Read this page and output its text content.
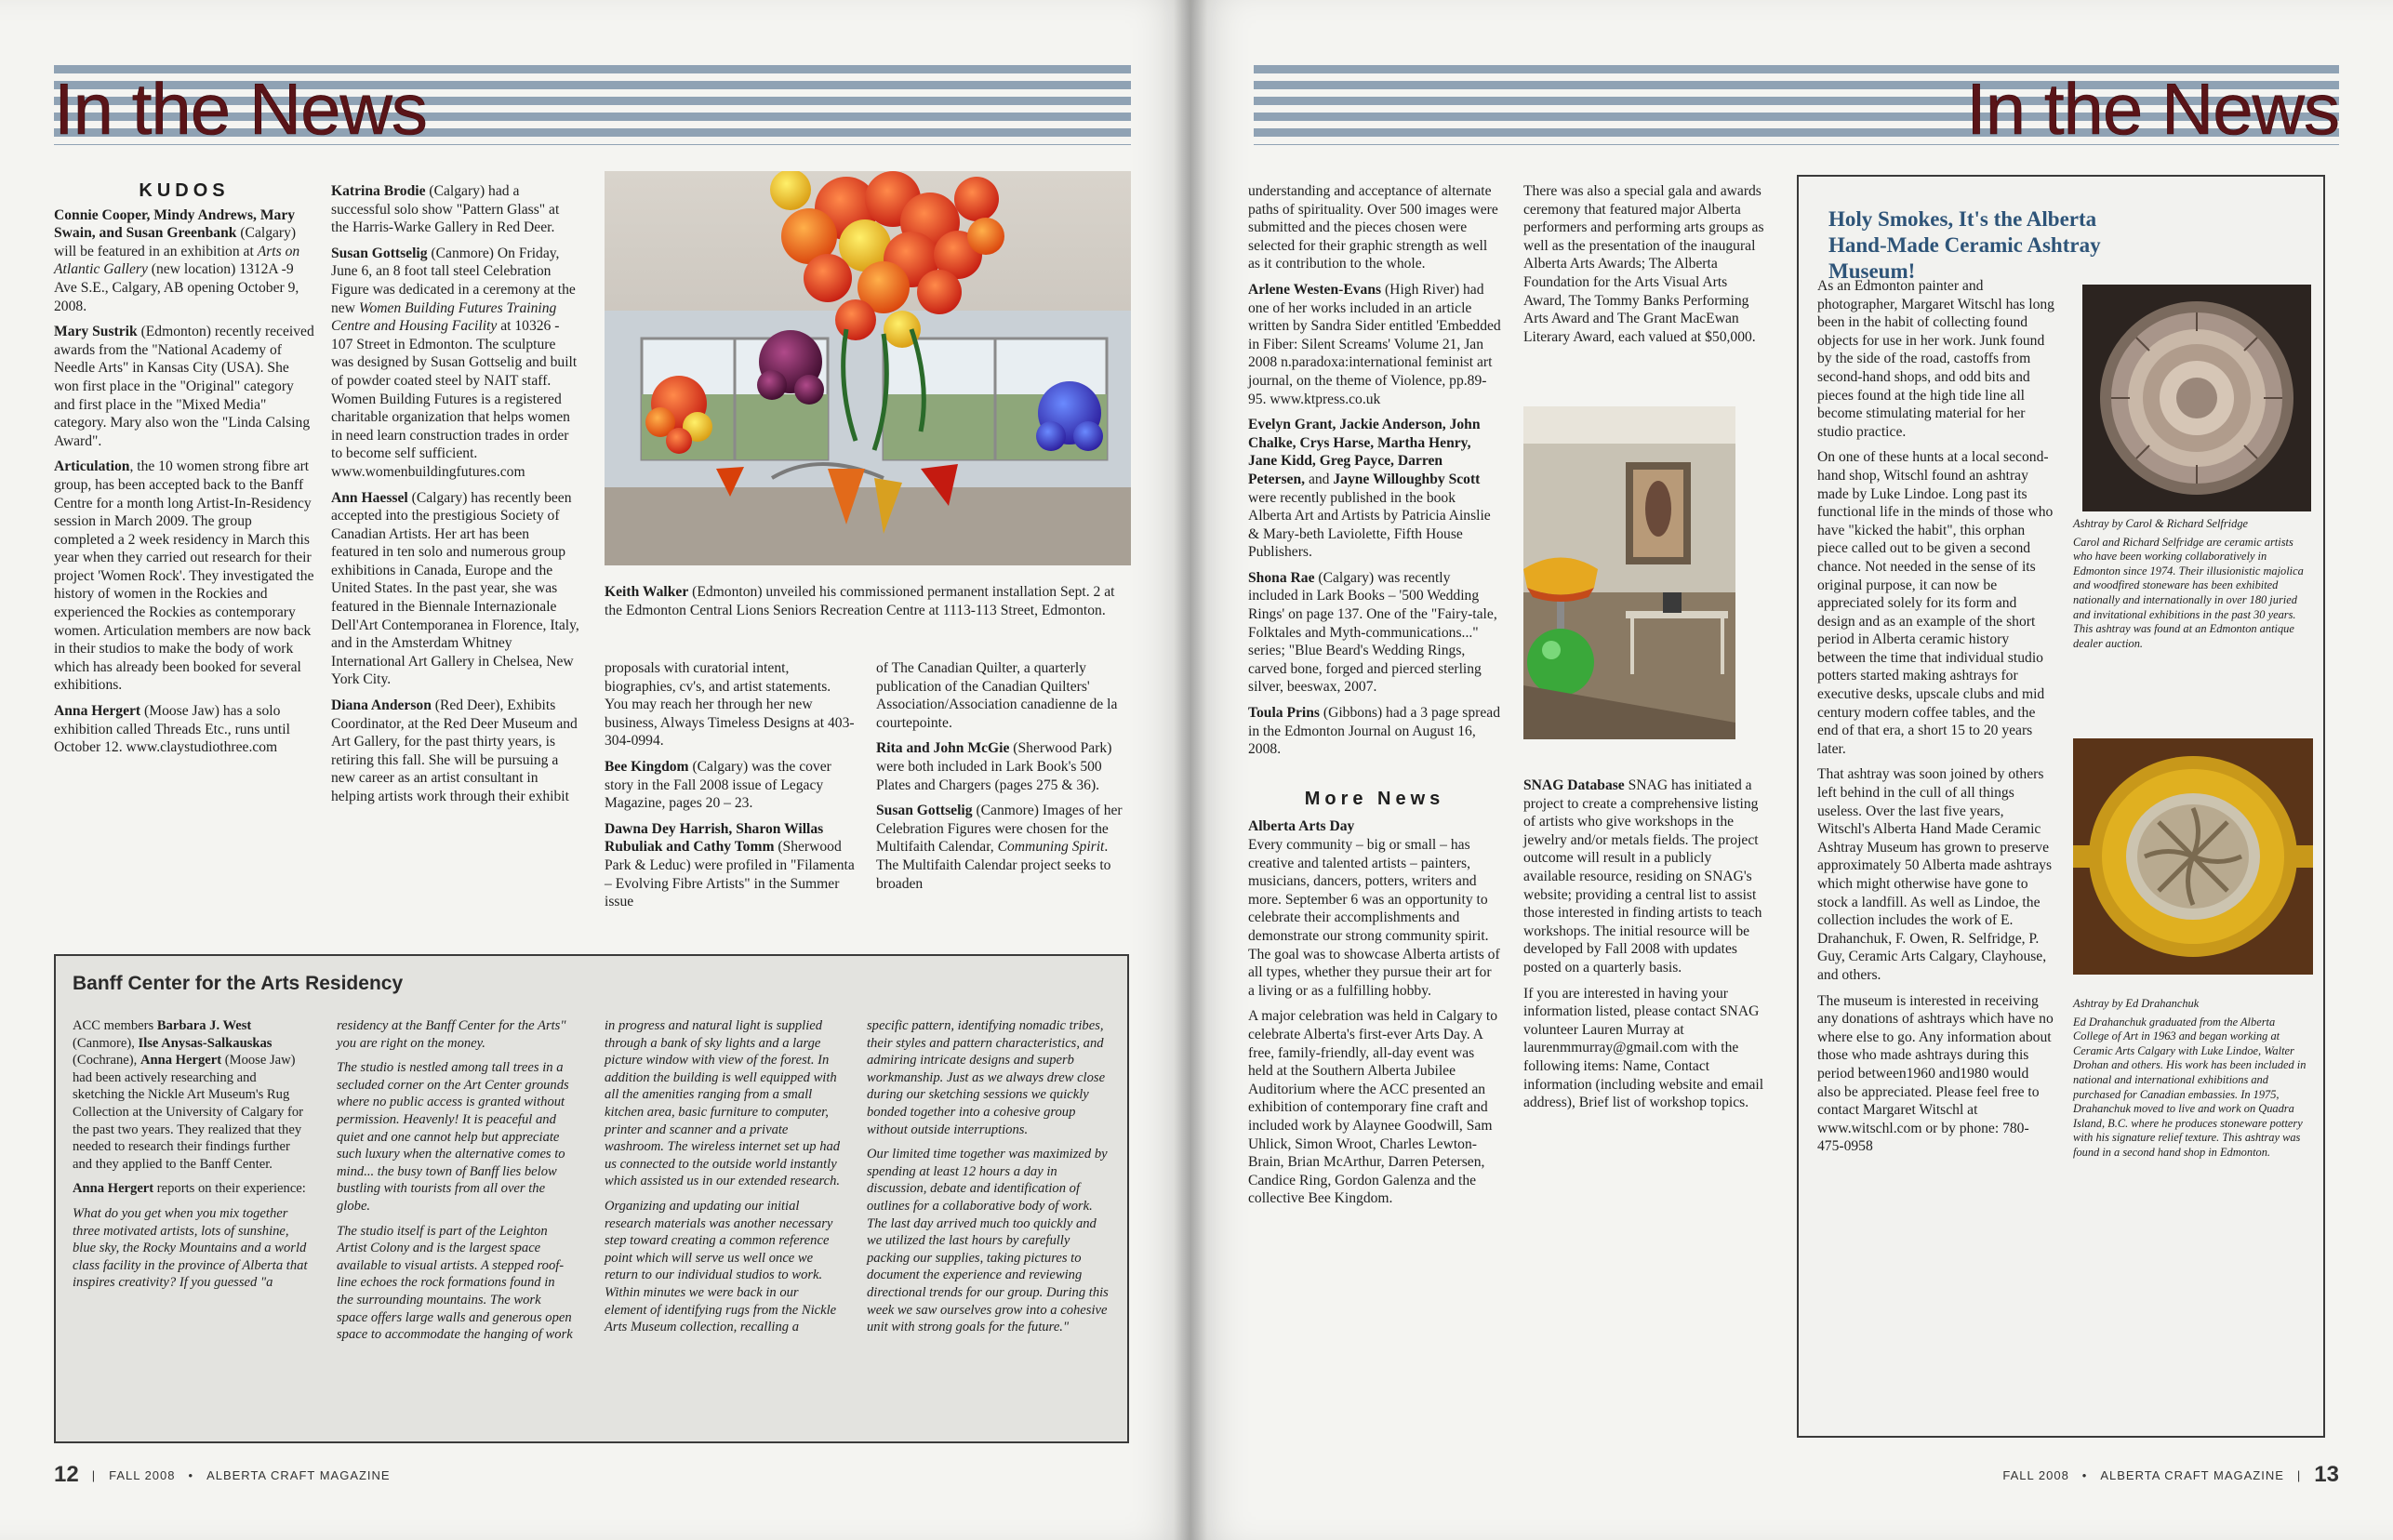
In the News
KUDOS

Connie Cooper, Mindy Andrews, Mary Swain, and Susan Greenbank (Calgary) will be featured in an exhibition at Arts on Atlantic Gallery (new location) 1312A -9 Ave S.E., Calgary, AB opening October 9, 2008.

Mary Sustrik (Edmonton) recently received awards from the "National Academy of Needle Arts" in Kansas City (USA). She won first place in the "Original" category and first place in the "Mixed Media" category. Mary also won the "Linda Calsing Award".

Articulation, the 10 women strong fibre art group, has been accepted back to the Banff Centre for a month long Artist-In-Residency session in March 2009. The group completed a 2 week residency in March this year when they carried out research for their project 'Women Rock'. They investigated the history of women in the Rockies and experienced the Rockies as contemporary women. Articulation members are now back in their studios to make the body of work which has already been booked for several exhibitions.

Anna Hergert (Moose Jaw) has a solo exhibition called Threads Etc., runs until October 12. www.claystudiothree.com

Katrina Brodie (Calgary) had a successful solo show "Pattern Glass" at the Harris-Warke Gallery in Red Deer.

Susan Gottselig (Canmore) On Friday, June 6, an 8 foot tall steel Celebration Figure was dedicated in a ceremony at the new Women Building Futures Training Centre and Housing Facility at 10326 - 107 Street in Edmonton. The sculpture was designed by Susan Gottselig and built of powder coated steel by NAIT staff. Women Building Futures is a registered charitable organization that helps women in need learn construction trades in order to become self sufficient. www.womenbuildingfutures.com

Ann Haessel (Calgary) has recently been accepted into the prestigious Society of Canadian Artists. Her art has been featured in ten solo and numerous group exhibitions in Canada, Europe and the United States. In the past year, she was featured in the Biennale Internazionale Dell'Art Contemporanea in Florence, Italy, and in the Amsterdam Whitney International Art Gallery in Chelsea, New York City.

Diana Anderson (Red Deer), Exhibits Coordinator, at the Red Deer Museum and Art Gallery, for the past thirty years, is retiring this fall. She will be pursuing a new career as an artist consultant in helping artists work through their exhibit

Keith Walker (Edmonton) unveiled his commissioned permanent installation Sept. 2 at the Edmonton Central Lions Seniors Recreation Centre at 1113-113 Street, Edmonton.

proposals with curatorial intent, biographies, cv's, and artist statements. You may reach her through her new business, Always Timeless Designs at 403-304-0994.

Bee Kingdom (Calgary) was the cover story in the Fall 2008 issue of Legacy Magazine, pages 20 – 23.

Dawna Dey Harrish, Sharon Willas Rubuliak and Cathy Tomm (Sherwood Park & Leduc) were profiled in "Filamenta – Evolving Fibre Artists" in the Summer issue

of The Canadian Quilter, a quarterly publication of the Canadian Quilters' Association/Association canadienne de la courtepointe.

Rita and John McGie (Sherwood Park) were both included in Lark Book's 500 Plates and Chargers (pages 275 & 36).

Susan Gottselig (Canmore) Images of her Celebration Figures were chosen for the Multifaith Calendar, Communing Spirit. The Multifaith Calendar project seeks to broaden

Banff Center for the Arts Residency

ACC members Barbara J. West (Canmore), Ilse Anysas-Salkauskas (Cochrane), Anna Hergert (Moose Jaw) had been actively researching and sketching the Nickle Art Museum's Rug Collection at the University of Calgary for the past two years. They realized that they needed to research their findings further and they applied to the Banff Center.

Anna Hergert reports on their experience:

What do you get when you mix together three motivated artists, lots of sunshine, blue sky, the Rocky Mountains and a world class facility in the province of Alberta that inspires creativity? If you guessed "a

residency at the Banff Center for the Arts" you are right on the money.

The studio is nestled among tall trees in a secluded corner on the Art Center grounds where no public access is granted without permission. Heavenly! It is peaceful and quiet and one cannot help but appreciate such luxury when the alternative comes to mind... the busy town of Banff lies below bustling with tourists from all over the globe.

The studio itself is part of the Leighton Artist Colony and is the largest space available to visual artists. A stepped roof-line echoes the rock formations found in the surrounding mountains. The work space offers large walls and generous open space to accommodate the hanging of work

in progress and natural light is supplied through a bank of sky lights and a large picture window with view of the forest. In addition the building is well equipped with all the amenities ranging from a small kitchen area, basic furniture to computer, printer and scanner and a private washroom. The wireless internet set up had us connected to the outside world instantly which assisted us in our extended research.

Organizing and updating our initial research materials was another necessary step toward creating a common reference point which will serve us well once we return to our individual studios to work. Within minutes we were back in our element of identifying rugs from the Nickle Arts Museum collection, recalling a

specific pattern, identifying nomadic tribes, their styles and pattern characteristics, and admiring intricate designs and superb workmanship. Just as we always drew close during our sketching sessions we quickly bonded together into a cohesive group without outside interruptions.

Our limited time together was maximized by spending at least 12 hours a day in discussion, debate and identification of outlines for a collaborative body of work. The last day arrived much too quickly and we utilized the last hours by carefully packing our supplies, taking pictures to document the experience and reviewing directional trends for our group. During this week we saw ourselves grow into a cohesive unit with strong goals for the future."

12 | FALL 2008 • ALBERTA CRAFT MAGAZINE
In the News

understanding and acceptance of alternate paths of spirituality. Over 500 images were submitted and the pieces chosen were selected for their graphic strength as well as it contribution to the whole.

Arlene Westen-Evans (High River) had one of her works included in an article written by Sandra Sider entitled 'Embedded in Fiber: Silent Screams' Volume 21, Jan 2008 n.paradoxa:international feminist art journal, on the theme of Violence, pp.89-95. www.ktpress.co.uk

Evelyn Grant, Jackie Anderson, John Chalke, Crys Harse, Martha Henry, Jane Kidd, Greg Payce, Darren Petersen, and Jayne Willoughby Scott were recently published in the book Alberta Art and Artists by Patricia Ainslie & Mary-beth Laviolette, Fifth House Publishers.

Shona Rae (Calgary) was recently included in Lark Books – '500 Wedding Rings' on page 137. One of the "Fairy-tale, Folktales and Myth-communications..." series; "Blue Beard's Wedding Rings, carved bone, forged and pierced sterling silver, beeswax, 2007.

Toula Prins (Gibbons) had a 3 page spread in the Edmonton Journal on August 16, 2008.

More News

Alberta Arts Day

Every community – big or small – has creative and talented artists – painters, musicians, dancers, potters, writers and more. September 6 was an opportunity to celebrate their accomplishments and demonstrate our strong community spirit. The goal was to showcase Alberta artists of all types, whether they pursue their art for a living or as a fulfilling hobby.

A major celebration was held in Calgary to celebrate Alberta's first-ever Arts Day. A free, family-friendly, all-day event was held at the Southern Alberta Jubilee Auditorium where the ACC presented an exhibition of contemporary fine craft and included work by Alaynee Goodwill, Sam Uhlick, Simon Wroot, Charles Lewton-Brain, Brian McArthur, Darren Petersen, Candice Ring, Gordon Galenza and the collective Bee Kingdom.

There was also a special gala and awards ceremony that featured major Alberta performers and performing arts groups as well as the presentation of the inaugural Alberta Arts Awards; The Alberta Foundation for the Arts Visual Arts Award, The Tommy Banks Performing Arts Award and The Grant MacEwan Literary Award, each valued at $50,000.

SNAG Database SNAG has initiated a project to create a comprehensive listing of artists who give workshops in the jewelry and/or metals fields. The project outcome will result in a publicly available resource, residing on SNAG's website; providing a central list to assist those interested in finding artists to teach workshops. The initial resource will be developed by Fall 2008 with updates posted on a quarterly basis.

If you are interested in having your information listed, please contact SNAG volunteer Lauren Murray at laurenmmurray@gmail.com with the following items: Name, Contact information (including website and email address), Brief list of workshop topics.

Holy Smokes, It's the Alberta Hand-Made Ceramic Ashtray Museum!

As an Edmonton painter and photographer, Margaret Witschl has long been in the habit of collecting found objects for use in her work. Junk found by the side of the road, castoffs from second-hand shops, and odd bits and pieces found at the high tide line all become stimulating material for her studio practice.

On one of these hunts at a local second-hand shop, Witschl found an ashtray made by Luke Lindoe. Long past its functional life in the minds of those who have "kicked the habit", this orphan piece called out to be given a second chance. Not needed in the sense of its original purpose, it can now be appreciated solely for its form and design and as an example of the short period in Alberta ceramic history between the time that individual studio potters started making ashtrays for executive desks, upscale clubs and mid century modern coffee tables, and the end of that era, a short 15 to 20 years later.

That ashtray was soon joined by others left behind in the cull of all things useless. Over the last five years, Witschl's Alberta Hand Made Ceramic Ashtray Museum has grown to preserve approximately 50 Alberta made ashtrays which might otherwise have gone to stock a landfill. As well as Lindoe, the collection includes the work of E. Drahanchuk, F. Owen, R. Selfridge, P. Guy, Ceramic Arts Calgary, Clayhouse, and others.

The museum is interested in receiving any donations of ashtrays which have no where else to go. Any information about those who made ashtrays during this period between1960 and1980 would also be appreciated. Please feel free to contact Margaret Witschl at www.witschl.com or by phone: 780-475-0958

Ashtray by Carol & Richard Selfridge

Carol and Richard Selfridge are ceramic artists who have been working collaboratively in Edmonton since 1974. Their illusionistic majolica and woodfired stoneware has been exhibited nationally and internationally in over 180 juried and invitational exhibitions in the past 30 years. This ashtray was found at an Edmonton antique dealer auction.

Ashtray by Ed Drahanchuk

Ed Drahanchuk graduated from the Alberta College of Art in 1963 and began working at Ceramic Arts Calgary with Luke Lindoe, Walter Drohan and others. His work has been included in national and international exhibitions and purchased for Canadian embassies. In 1975, Drahanchuk moved to live and work on Quadra Island, B.C. where he produces stoneware pottery with his signature relief texture. This ashtray was found in a second hand shop in Edmonton.

FALL 2008 • ALBERTA CRAFT MAGAZINE | 13
